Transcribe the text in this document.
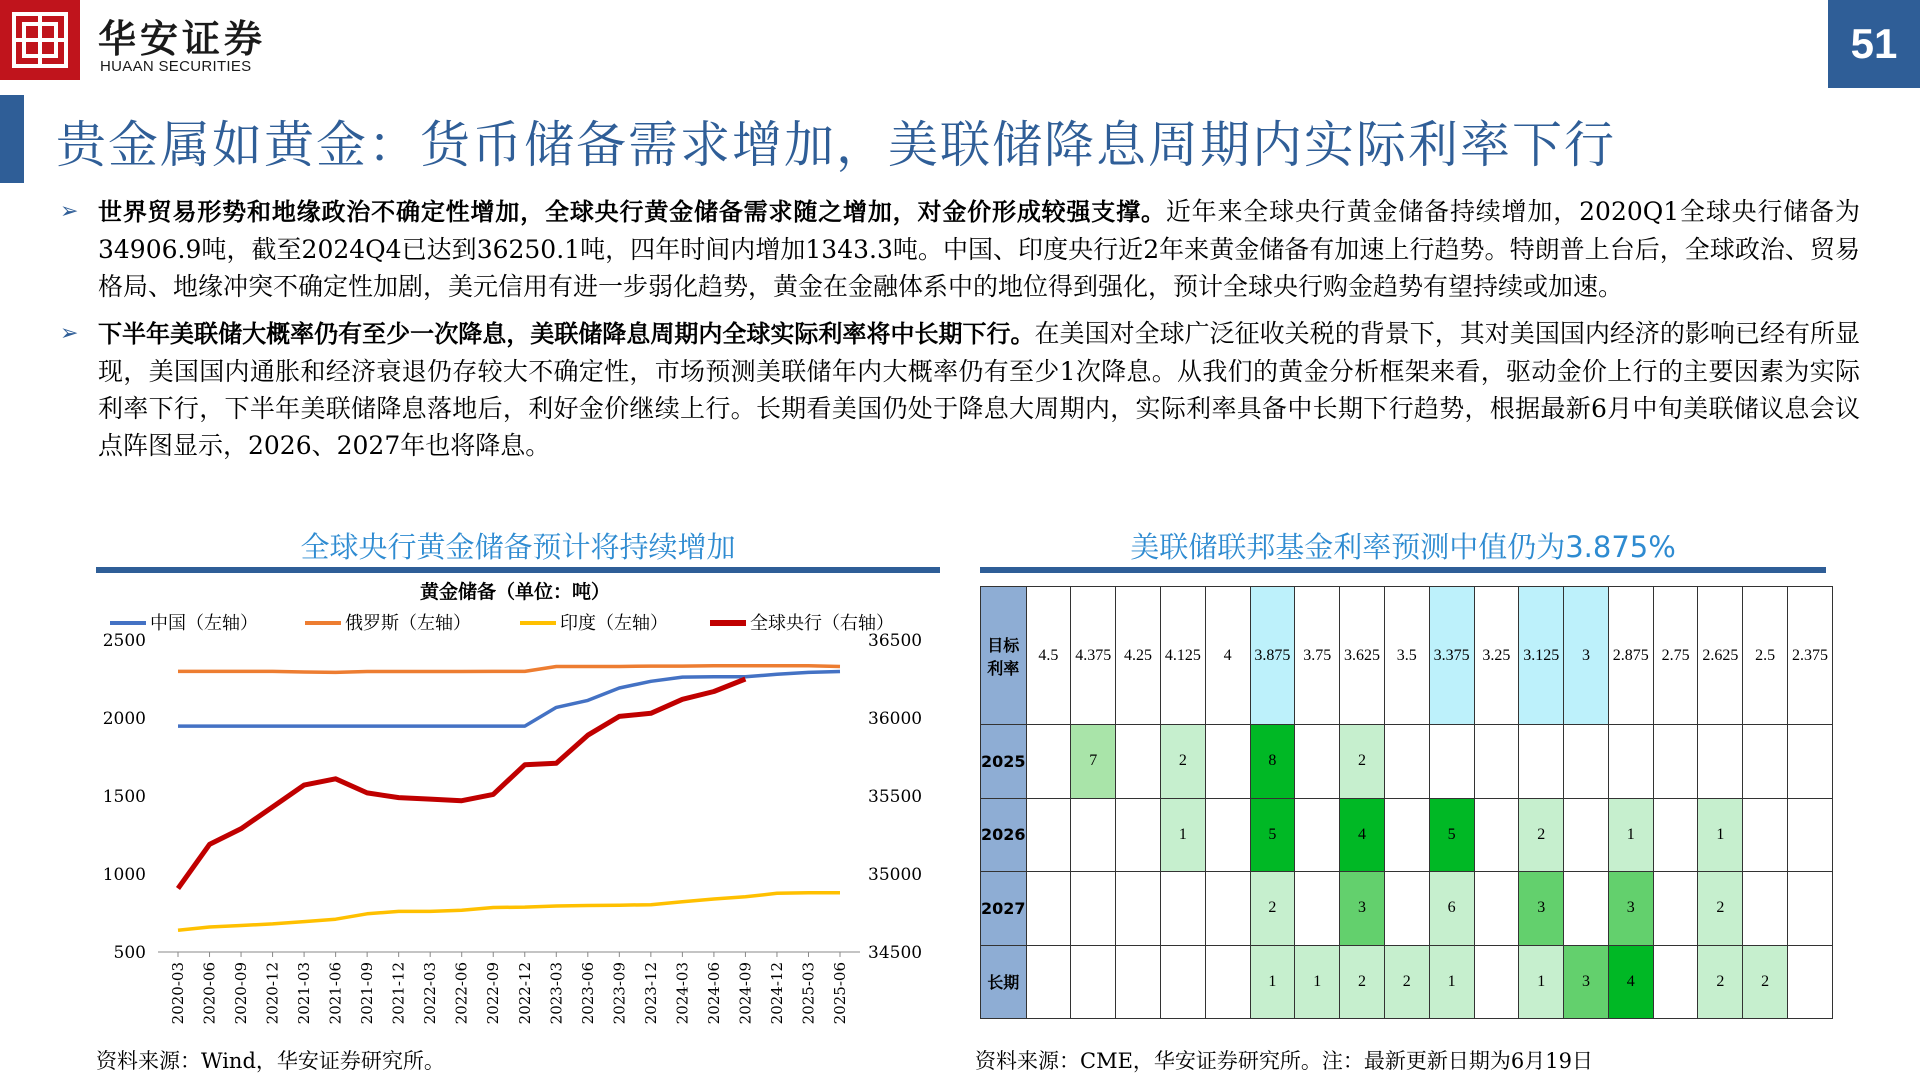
华安证券
HUAAN SECURITIES	51
贵金属如黄金：货币储备需求增加，美联储降息周期内实际利率下行
➢ 世界贸易形势和地缘政治不确定性增加，全球央行黄金储备需求随之增加，对金价形成较强支撑。近年来全球央行黄金储备持续增加，2020Q1全球央行储备为34906.9吨，截至2024Q4已达到36250.1吨，四年时间内增加1343.3吨。中国、印度央行近2年来黄金储备有加速上行趋势。特朗普上台后，全球政治、贸易格局、地缘冲突不确定性加剧，美元信用有进一步弱化趋势，黄金在金融体系中的地位得到强化，预计全球央行购金趋势有望持续或加速。
➢ 下半年美联储大概率仍有至少一次降息，美联储降息周期内全球实际利率将中长期下行。在美国对全球广泛征收关税的背景下，其对美国国内经济的影响已经有所显现，美国国内通胀和经济衰退仍存较大不确定性，市场预测美联储年内大概率仍有至少1次降息。从我们的黄金分析框架来看，驱动金价上行的主要因素为实际利率下行，下半年美联储降息落地后，利好金价继续上行。长期看美国仍处于降息大周期内，实际利率具备中长期下行趋势，根据最新6月中旬美联储议息会议点阵图显示，2026、2027年也将降息。
全球央行黄金储备预计将持续增加
黄金储备（单位：吨）
中国（左轴）	俄罗斯（左轴）	印度（左轴）	全球央行（右轴）
500
1000
1500
2000
2500
34500
35000
35500
36000
36500
2020-03 2020-06 2020-09 2020-12 2021-03 2021-06 2021-09 2021-12 2022-03 2022-06 2022-09 2022-12 2023-03 2023-06 2023-09 2023-12 2024-03 2024-06 2024-09 2024-12 2025-03 2025-06
资料来源：Wind，华安证券研究所。
美联储联邦基金利率预测中值仍为3.875%
目标
利率	4.5	4.375	4.25	4.125	4	3.875	3.75	3.625	3.5	3.375	3.25	3.125	3	2.875	2.75	2.625	2.5	2.375
2025		7		2		8		2										
2026				1		5		4		5		2		1		1		
2027						2		3		6		3		3		2		
长期						1	1	2	2	1		1	3	4		2	2	
资料来源：CME，华安证券研究所。注：最新更新日期为6月19日
